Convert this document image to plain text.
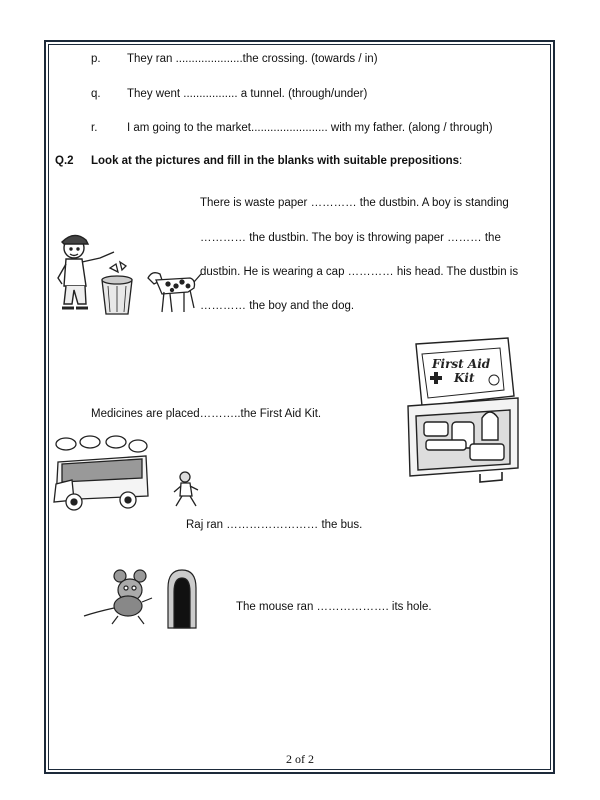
p. They ran .....................the crossing. (towards / in)
q. They went ................. a tunnel. (through/under)
r.	I am going to the market........................ with my father. (along / through)
Q.2 Look at the pictures and fill in the blanks with suitable prepositions:
There is waste paper ………… the dustbin. A boy is standing
………… the dustbin. The boy is throwing paper ……… the
dustbin. He is wearing a cap ………… his head. The dustbin is
………… the boy and the dog.
First Aid
Kit
Medicines are placed………..the First Aid Kit.
Raj ran …………………… the bus.
The mouse ran ………………. its hole.
2 of 2
